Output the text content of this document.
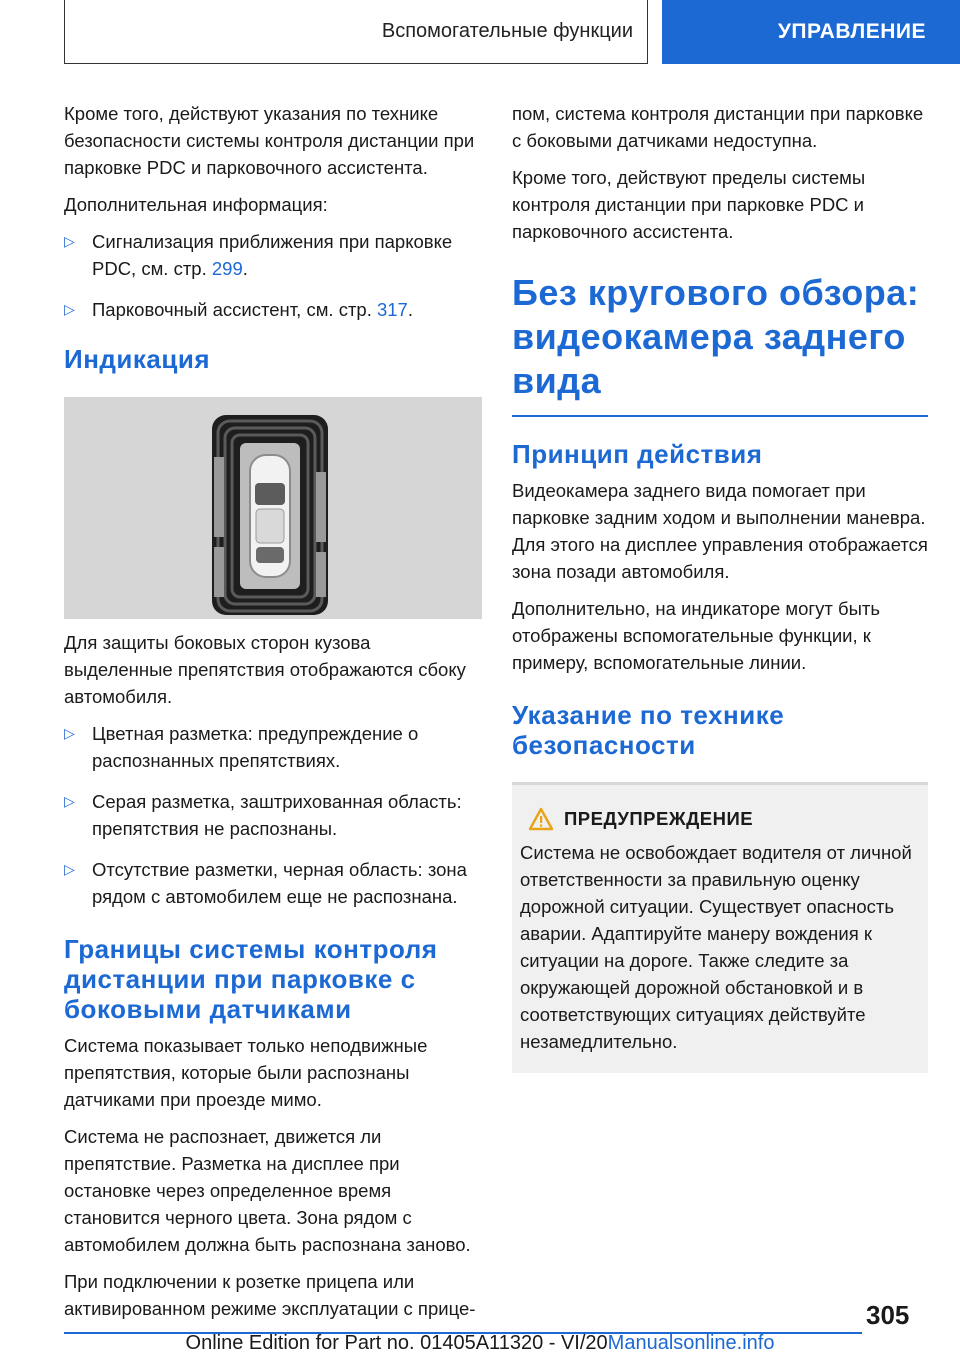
Вспомогательные функции	УПРАВЛЕНИЕ

Кроме того, действуют указания по технике безопасности системы контроля дистанции при парковке PDC и парковочного ассистента.

Дополнительная информация:

▷ Сигнализация приближения при парковке PDC, см. стр. 299.
▷ Парковочный ассистент, см. стр. 317.
Индикация

Для защиты боковых сторон кузова выделенные препятствия отображаются сбоку автомобиля.

▷ Цветная разметка: предупреждение о распознанных препятствиях.
▷ Серая разметка, заштрихованная область: препятствия не распознаны.
▷ Отсутствие разметки, черная область: зона рядом с автомобилем еще не распознана.
Границы системы контроля дистанции при парковке с боковыми датчиками

Система показывает только неподвижные препятствия, которые были распознаны датчиками при проезде мимо.

Система не распознает, движется ли препятствие. Разметка на дисплее при остановке через определенное время становится черного цвета. Зона рядом с автомобилем должна быть распознана заново.

При подключении к розетке прицепа или активированном режиме эксплуатации с прице-

пом, система контроля дистанции при парковке с боковыми датчиками недоступна.

Кроме того, действуют пределы системы контроля дистанции при парковке PDC и парковочного ассистента.

Без кругового обзора: видеокамера заднего вида
Принцип действия

Видеокамера заднего вида помогает при парковке задним ходом и выполнении маневра. Для этого на дисплее управления отображается зона позади автомобиля.

Дополнительно, на индикаторе могут быть отображены вспомогательные функции, к примеру, вспомогательные линии.

Указание по технике безопасности
ПРЕДУПРЕЖДЕНИЕ

Система не освобождает водителя от личной ответственности за правильную оценку дорожной ситуации. Существует опасность аварии. Адаптируйте манеру вождения к ситуации на дороге. Также следите за окружающей дорожной обстановкой и в соответствующих ситуациях действуйте незамедлительно.

305
Online Edition for Part no. 01405A11320 - VI/20Manualsonline.info
